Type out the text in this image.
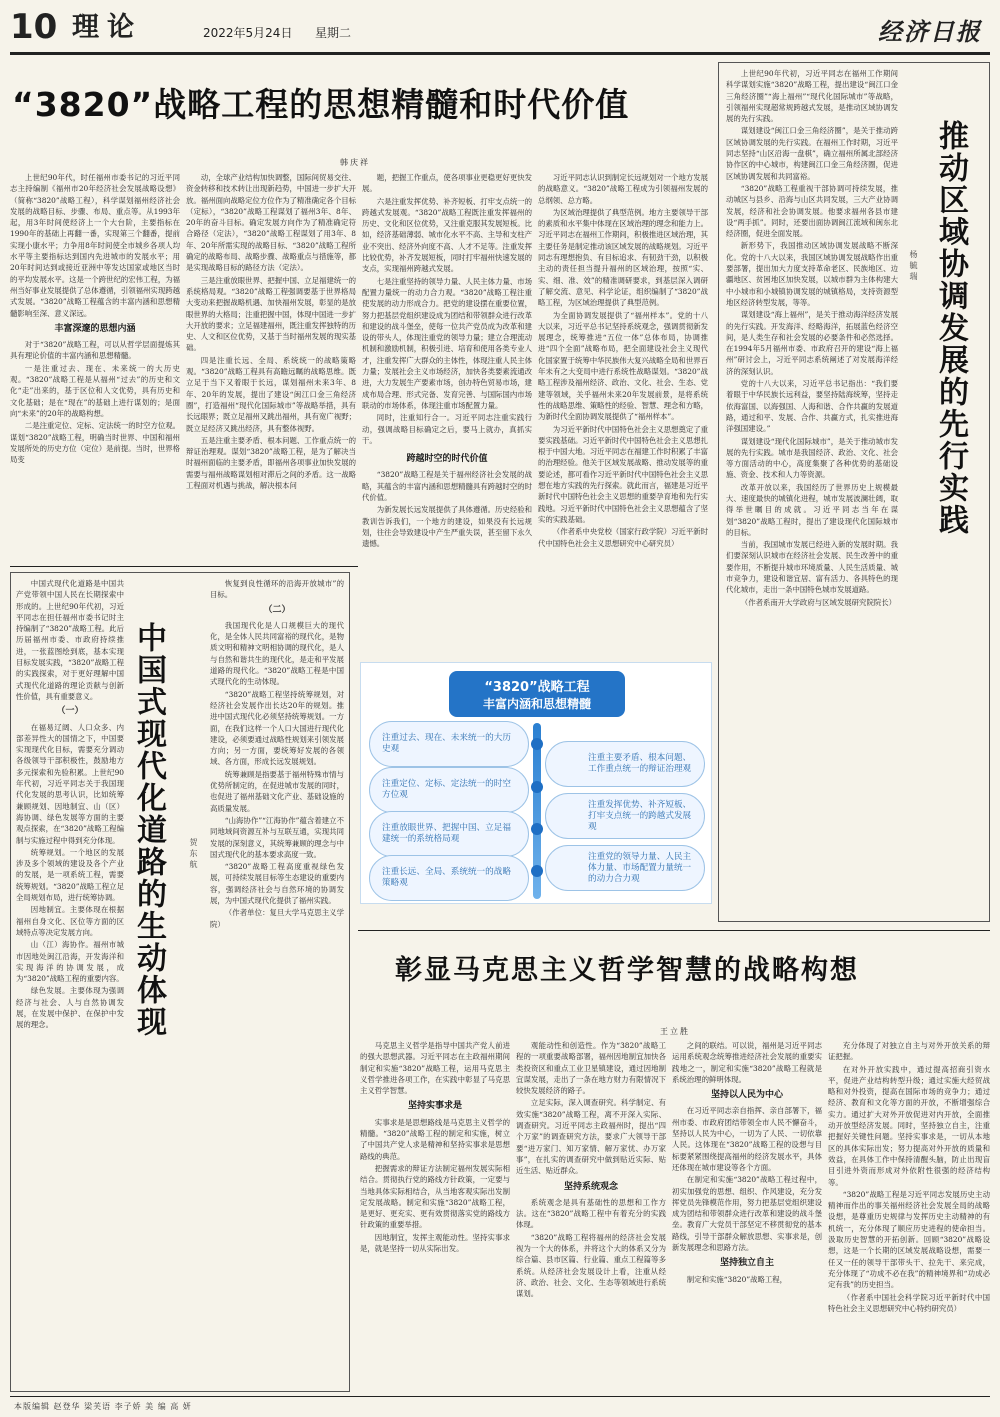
10 理论	2022年5月24日 星期二	经济日报
“3820”战略工程的思想精髓和时代价值
韩庆祥

上世纪90年代，时任福州市委书记的习近平同志主持编制《福州市20年经济社会发展战略设想》（简称“3820”战略工程），科学谋划福州经济社会发展的战略目标、步骤、布局、重点等。从1993年起，用3年时间使经济上一个大台阶，主要指标在1990年的基础上再翻一番，实现第三个翻番，提前实现小康水平；力争用8年时间使全市城乡各项人均水平等主要指标达到国内先进城市的发展水平；用20年时间达到或接近亚洲中等发达国家或地区当时的平均发展水平。这是一个跨世纪的宏伟工程，为福州当好事业发展提供了总体遵循，引领福州实现跨越式发展。“3820”战略工程蕴含的丰富内涵和思想精髓影响至深、意义深远。

丰富深邃的思想内涵

对于“3820”战略工程，可以从哲学层面提炼其具有理论价值的丰富内涵和思想精髓。

一是注重过去、现在、未来统一的大历史观。“3820”战略工程是从福州“过去”的历史和文化“走”出来的，基于区位和人文优势，具有历史和文化基础；是在“现在”的基础上进行谋划的；是面向“未来”的20年的战略构想。

二是注重定位、定标、定法统一的时空方位观。谋划“3820”战略工程，明确当时世界、中国和福州发展所处的历史方位（定位）是前提。当时，世界格局变

动，全球产业结构加快调整，国际间贸易交往、资金转移和技术转让出现新趋势，中国进一步扩大开放。福州面向战略定位方位作为了精准确定各个目标（定标），“3820”战略工程谋划了福州3年、8年、20年的奋斗目标。确定发展方向作为了精准确定符合路径（定法），“3820”战略工程谋划了用3年、8年、20年所需实现的战略目标、“3820”战略工程所确定的战略布局、战略步骤、战略重点与措施等，都是实现战略目标的路径方法（定法）。

三是注重放眼世界、把握中国、立足福建统一的系统格局观。“3820”战略工程强调要基于世界格局大变动来把握战略机遇、加快福州发展，彰显的是放眼世界的大格局；注重把握中国，体现中国进一步扩大开放的要求；立足福建福州，既注重发挥独特的历史、人文和区位优势，又基于当时福州发展的现实基础。

四是注重长远、全局、系统统一的战略策略观。“3820”战略工程具有高瞻远瞩的战略思维。既立足于当下又着眼于长远，谋划福州未来3年、8年、20年的发展，提出了建设“闽江口金三角经济圈”，打造福州“现代化国际城市”等战略举措，具有长远眼界；既立足福州又跳出福州，具有宽广视野；既立足经济又跳出经济，具有整体视野。

五是注重主要矛盾、根本问题、工作重点统一的辩证治理观。谋划“3820”战略工程，是为了解决当时福州面临的主要矛盾，即福州各项事业加快发展的需要与福州战略谋划相对滞后之间的矛盾。这一战略工程面对机遇与挑战，解决根本问

题，把握工作重点，使各项事业更稳更好更快发展。

六是注重发挥优势、补齐短板、打牢支点统一的跨越式发展观。“3820”战略工程既注重发挥福州的历史、文化和区位优势，又注重克服其发展短板。比如，经济基础薄弱、城市化水平不高、主导和支柱产业不突出、经济外向度不高、人才不足等。注重发挥比较优势，补齐发展短板，同时打牢福州快速发展的支点，实现福州跨越式发展。

七是注重坚持的领导力量、人民主体力量、市场配置力量统一的动力合力观。“3820”战略工程注重使发展的动力形成合力。把党的建设摆在重要位置，努力把基层党组织建设成为团结和带领群众进行改革和建设的战斗堡垒，使每一位共产党员成为改革和建设的带头人，体现注重党的领导力量；建立合理流动机制和激励机制，积极引进、培育和使用各类专业人才，注重发挥广大群众的主体性，体现注重人民主体力量；发展社会主义市场经济，加快各类要素流通改进，大力发展生产要素市场，创办特色贸易市场，建成布局合理、形式完备、发育完善、与国际国内市场联动的市场体系，体现注重市场配置力量。

同时，注重知行合一。习近平同志注重实践行动，强调战略目标确定之后，要马上就办，真抓实干。

跨越时空的时代价值

“3820”战略工程是关于福州经济社会发展的战略，其蕴含的丰富内涵和思想精髓具有跨越时空的时代价值。

为新发展长远发展提供了具体遵循。历史经验和教训告诉我们，一个地方的建设，如果没有长远规划，往往会导致建设中产生严重失误，甚至留下永久遗憾。

习近平同志认识到制定长远规划对一个地方发展的战略意义。“3820”战略工程成为引领福州发展的总纲领、总方略。

为区域治理提供了典型范例。地方主要领导干部的素质和水平集中体现在区域治理的理念和能力上。习近平同志在福州工作期间，积极推进区域治理，其主要任务是制定推动该区域发展的战略规划。习近平同志有理想抱负、有目标追求、有韧劲干劲，以积极主动的责任担当提升福州的区域治理，按照“实、实、细、准、效”的精准调研要求，到基层深入调研了解交流、意见、科学论证，组织编制了“3820”战略工程，为区域治理提供了典型范例。

为全面协调发展提供了“福州样本”。党的十八大以来，习近平总书记坚持系统观念，强调贯彻新发展理念，统筹推进“五位一体”总体布局，协调推进“四个全面”战略布局，把全面建设社会主义现代化国家置于统筹中华民族伟大复兴战略全局和世界百年未有之大变局中进行系统性战略谋划。“3820”战略工程涉及福州经济、政治、文化、社会、生态、党建等领域，关乎福州未来20年发展前景，是将系统性的战略思维、策略性的经验、智慧、理念和方略，为新时代全面协调发展提供了“福州样本”。

为习近平新时代中国特色社会主义思想奠定了重要实践基础。习近平新时代中国特色社会主义思想扎根于中国大地。习近平同志在福建工作时积累了丰富的治理经验。他关于区域发展战略、推动发展等的重要论述，都可看作习近平新时代中国特色社会主义思想在地方实践的先行探索。就此而言，福建是习近平新时代中国特色社会主义思想的重要孕育地和先行实践地。习近平新时代中国特色社会主义思想蕴含了坚实的实践基础。

（作者系中央党校（国家行政学院）习近平新时代中国特色社会主义思想研究中心研究员）

“3820”战略工程
丰富内涵和思想精髓
注重过去、现在、未来统一的大历史观
注重定位、定标、定法统一的时空方位观
注重放眼世界、把握中国、立足福建统一的系统格局观
注重长远、全局、系统统一的战略策略观
注重主要矛盾、根本问题、工作重点统一的辩证治理观
注重发挥优势、补齐短板、打牢支点统一的跨越式发展观
注重党的领导力量、人民主体力量、市场配置力量统一的动力合力观
推动区域协调发展的先行实践
杨毓瑞

上世纪90年代初，习近平同志在福州工作期间科学谋划实施“3820”战略工程，提出建设“闽江口金三角经济圈”“海上福州”“现代化国际城市”等战略，引领福州实现超常规跨越式发展，是推动区域协调发展的先行实践。

谋划建设“闽江口金三角经济圈”，是关于推动跨区域协调发展的先行实践。在福州工作时期，习近平同志坚持“山区沿海一盘棋”，确立福州所属北部经济协作区的中心城市，构建闽江口金三角经济圈，促进区域协调发展和共同富裕。

“3820”战略工程重视干部协调可持续发展，推动城区与县乡、沿海与山区共同发展，三大产业协调发展，经济和社会协调发展。他要求福州各县市建设“两手抓”。同时，还要出面协调闽江流域和闽东北经济圈，促进全面发展。

新形势下，我国推动区域协调发展战略不断深化。党的十八大以来，我国区域协调发展战略作出重要部署，提出加大力度支持革命老区、民族地区、边疆地区、贫困地区加快发展，以城市群为主体构建大中小城市和小城镇协调发展的城镇格局，支持资源型地区经济转型发展，等等。

谋划建设“海上福州”，是关于推动海洋经济发展的先行实践。开发海洋、经略海洋，拓展蓝色经济空间，是人类生存和社会发展的必要条件和必然选择。在1994年5月福州市委、市政府召开的建设“海上福州”研讨会上，习近平同志系统阐述了对发展海洋经济的深刻认识。

党的十八大以来，习近平总书记指出：“我们要着眼于中华民族长远利益，要坚持陆海统筹，坚持走依海富国、以海强国、人海和谐、合作共赢的发展道路，通过和平、发展、合作、共赢方式，扎实推进海洋强国建设。”

谋划建设“现代化国际城市”，是关于推动城市发展的先行实践。城市是我国经济、政治、文化、社会等方面活动的中心，高度集聚了各种优势的基础设施、资金、技术和人力等资源。

改革开放以来，我国经历了世界历史上规模最大、速度最快的城镇化进程，城市发展波澜壮阔，取得举世瞩目的成就。习近平同志当年在谋划“3820”战略工程时，提出了建设现代化国际城市的目标。

当前，我国城市发展已经进入新的发展时期。我们要深刻认识城市在经济社会发展、民生改善中的重要作用，不断提升城市环境质量、人民生活质量、城市竞争力，建设和谐宜居、富有活力、各具特色的现代化城市，走出一条中国特色城市发展道路。

（作者系南开大学政府与区域发展研究院院长）

中国式现代化道路是中国共产党带领中国人民在长期探索中形成的。上世纪90年代初，习近平同志在担任福州市委书记时主持编制了“3820”战略工程。此后历届福州市委、市政府持续推进，一张蓝图绘到底，基本实现目标发展实践，“3820”战略工程的实践探索，对于更好理解中国式现代化道路的理论贡献与创新性价值，具有重要意义。

（一）

在福易辽阔、人口众多、内部差异性大的国情之下，中国要实现现代化目标，需要充分调动各级领导干部积极性，鼓励地方多元探索和先验积累。上世纪90年代初，习近平同志关于我国现代化发展的思考认识，比如统筹兼顾规划、因地制宜、山（区）海协调、绿色发展等方面的主要观点探索，在“3820”战略工程编制与实施过程中得到充分体现。

统筹规划。一个地区的发展涉及多个领域的建设及各个产业的发展，是一项系统工程，需要统筹规划。“3820”战略工程立足全局规划布局，进行统筹协调。

因地制宜。主要体现在根据福州自身文化、区位等方面的区域特点等决定发展方向。

山（江）海协作。福州市城市因地处闽江沿海，开发海洋和实现海洋的协调发展，成为“3820”战略工程的重要内容。

绿色发展。主要体现为强调经济与社会、人与自然协调发展，在发展中保护、在保护中发展的理念。	中国式现代化道路的生动体现	贺东航

恢复到良性循环的沿海开放城市”的目标。

（二）

我国现代化是人口规模巨大的现代化，是全体人民共同富裕的现代化，是物质文明和精神文明相协调的现代化，是人与自然和谐共生的现代化，是走和平发展道路的现代化。“3820”战略工程是中国式现代化的生动体现。

“3820”战略工程坚持统筹规划，对经济社会发展作出长达20年的规划。推进中国式现代化必须坚持统筹规划。一方面，在我们这样一个人口大国进行现代化建设，必须要通过战略性规划来引领发展方向；另一方面，要统筹好发展的各领域、各方面，形成长远发展规划。

统筹兼顾是指要基于福州特殊市情与优势所制定的，在促进城市发展的同时，也促进了福州基础文化产业、基础设施的高质量发展。

“山海协作”“江海协作”蕴含着建立不同地域间资源互补与互联互通，实现共同发展的深刻意义，其统筹兼顾的理念与中国式现代化的基本要求高度一致。

“3820”战略工程高度重视绿色发展，可持续发展目标等生态建设的重要内容，强调经济社会与自然环境的协调发展，为中国式现代化提供了福州实践。

（作者单位：复旦大学马克思主义学院）

彰显马克思主义哲学智慧的战略构想
王立胜

马克思主义哲学是指导中国共产党人前进的强大思想武器。习近平同志在主政福州期间制定和实施“3820”战略工程，运用马克思主义哲学推进各项工作，在实践中彰显了马克思主义哲学智慧。

坚持实事求是

实事求是是思想路线是马克思主义哲学的精髓。“3820”战略工程的制定和实施，树立了中国共产党人求是精神和坚持实事求是思想路线的典范。

把握需求的辩证方法制定福州发展实际相结合。贯彻执行党的路线方针政策，一定要与当地具体实际相结合，从当地客观实际出发制定发展战略。制定和实施“3820”战略工程，是更好、更充实、更有效贯彻落实党的路线方针政策的重要举措。

因地制宜，发挥主观能动性。坚持实事求是，就是坚持一切从实际出发。

观能动性和创造性。作为“3820”战略工程的一项重要战略部署，福州因地制宜加快各类投资区和重点工业卫星镇建设，通过因地制宜谋发展，走出了一条在地方财力有限情况下较快发展经济的路子。

立足实际，深入调查研究。科学制定、有效实施“3820”战略工程，离不开深入实际、调查研究。习近平同志主政福州时，提出“四个万家”的调查研究方法，要求广大领导干部要“进万家门、知万家情、解万家忧、办万家事”，在扎实的调查研究中做到贴近实际、贴近生活、贴近群众。

坚持系统观念

系统观念是具有基础性的思想和工作方法。这在“3820”战略工程中有着充分的实践体现。

“3820”战略工程将福州的经济社会发展视为一个大的体系，并将这个大的体系又分为综合篇、县市区篇、行业篇、重点工程篇等多系统。从经济社会发展设计上看，注重从经济、政治、社会、文化、生态等领域进行系统谋划。

之间的联结。可以说，福州是习近平同志运用系统观念统筹推进经济社会发展的重要实践地之一，制定和实施“3820”战略工程就是系统治理的鲜明体现。

坚持以人民为中心

在习近平同志亲自指挥、亲自部署下，福州市委、市政府团结带领全市人民不懈奋斗，坚持以人民为中心，一切为了人民、一切依靠人民。这体现在“3820”战略工程的设想与目标要紧紧围绕提高福州的经济发展水平，具体还体现在城市建设等各个方面。

在制定和实施“3820”战略工程过程中，初实加强党的思想、组织、作风建设，充分发挥党员先锋模范作用，努力把基层党组织建设成为团结和带领群众进行改革和建设的战斗堡垒。教育广大党员干部坚定不移贯彻党的基本路线，引导干部群众解放思想、实事求是，创新发展理念和思路方法。

坚持独立自主

制定和实施“3820”战略工程，

充分体现了对独立自主与对外开放关系的辩证把握。

在对外开放实践中，通过提高招商引资水平，促进产业结构转型升级；通过实施大经贸战略和对外投资，提高在国际市场的竞争力；通过经济、教育和文化等方面的开放，不断增强综合实力。通过扩大对外开放促进对内开放，全面推动开放型经济发展。同时，坚持独立自主，注重把握好关键性问题。坚持实事求是，一切从本地区的具体实际出发；努力提高对外开放的质量和效益，在具体工作中保持清醒头脑，防止出现盲目引进外资而形成对外依附性很强的经济结构等。

“3820”战略工程是习近平同志发展历史主动精神而作出的事关福州经济社会发展全局的战略设想，是尊重历史规律与发挥历史主动精神的有机统一，充分体现了顺应历史进程的使命担当。汲取历史智慧的开拓创新。回顾“3820”战略设想，这是一个长期的区域发展战略设想，需要一任又一任的领导干部带头干、拉先干、来完成，充分体现了“功成不必在我”的精神境界和“功成必定有我”的历史担当。

（作者系中国社会科学院习近平新时代中国特色社会主义思想研究中心特约研究员）

本版编辑 赵登华 梁芙语 李子娇 美 编 高 妍
